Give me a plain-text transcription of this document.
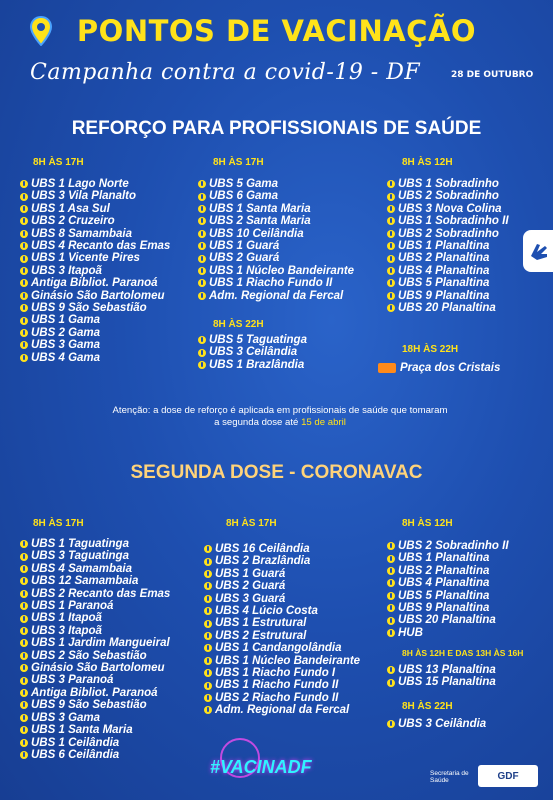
PONTOS DE VACINAÇÃO
Campanha contra a covid-19 - DF	28 DE OUTUBRO
REFORÇO PARA PROFISSIONAIS DE SAÚDE
8H ÀS 17H
UBS 1 Lago Norte
UBS 3 Vila Planalto
UBS 1 Asa Sul
UBS 2 Cruzeiro
UBS 8 Samambaia
UBS 4 Recanto das Emas
UBS 1 Vicente Pires
UBS 3 Itapoã
Antiga Bibliot. Paranoá
Ginásio São Bartolomeu
UBS 9 São Sebastião
UBS 1 Gama
UBS 2 Gama
UBS 3 Gama
UBS 4 Gama
8H ÀS 17H
UBS 5 Gama
UBS 6 Gama
UBS 1 Santa Maria
UBS 2 Santa Maria
UBS 10 Ceilândia
UBS 1 Guará
UBS 2 Guará
UBS 1 Núcleo Bandeirante
UBS 1 Riacho Fundo II
Adm. Regional da Fercal
8H ÀS 22H
UBS 5 Taguatinga
UBS 3 Ceilândia
UBS 1 Brazlândia
8H ÀS 12H
UBS 1 Sobradinho
UBS 2 Sobradinho
UBS 3 Nova Colina
UBS 1 Sobradinho II
UBS 2 Sobradinho
UBS 1 Planaltina
UBS 2 Planaltina
UBS 4 Planaltina
UBS 5 Planaltina
UBS 9 Planaltina
UBS 20 Planaltina
18H ÀS 22H
Praça dos Cristais
Atenção: a dose de reforço é aplicada em profissionais de saúde que tomaram a segunda dose até 15 de abril
SEGUNDA DOSE - CORONAVAC
8H ÀS 17H
UBS 1 Taguatinga
UBS 3 Taguatinga
UBS 4 Samambaia
UBS 12 Samambaia
UBS 2 Recanto das Emas
UBS 1 Paranoá
UBS 1 Itapoã
UBS 3 Itapoã
UBS 1 Jardim Mangueiral
UBS 2 São Sebastião
Ginásio São Bartolomeu
UBS 3 Paranoá
Antiga Bibliot. Paranoá
UBS 9 São Sebastião
UBS 3 Gama
UBS 1 Santa Maria
UBS 1 Ceilândia
UBS 6 Ceilândia
8H ÀS 17H
UBS 16 Ceilândia
UBS 2 Brazlândia
UBS 1 Guará
UBS 2 Guará
UBS 3 Guará
UBS 4 Lúcio Costa
UBS 1 Estrutural
UBS 2 Estrutural
UBS 1 Candangolândia
UBS 1 Núcleo Bandeirante
UBS 1 Riacho Fundo I
UBS 1 Riacho Fundo II
UBS 2 Riacho Fundo II
Adm. Regional da Fercal
8H ÀS 12H
UBS 2 Sobradinho II
UBS 1 Planaltina
UBS 2 Planaltina
UBS 4 Planaltina
UBS 5 Planaltina
UBS 9 Planaltina
UBS 20 Planaltina
HUB
8H ÀS 12H E DAS 13H ÀS 16H
UBS 13 Planaltina
UBS 15 Planaltina
8H ÀS 22H
UBS 3 Ceilândia
#VACINADF	Secretaria de Saúde	GDF
